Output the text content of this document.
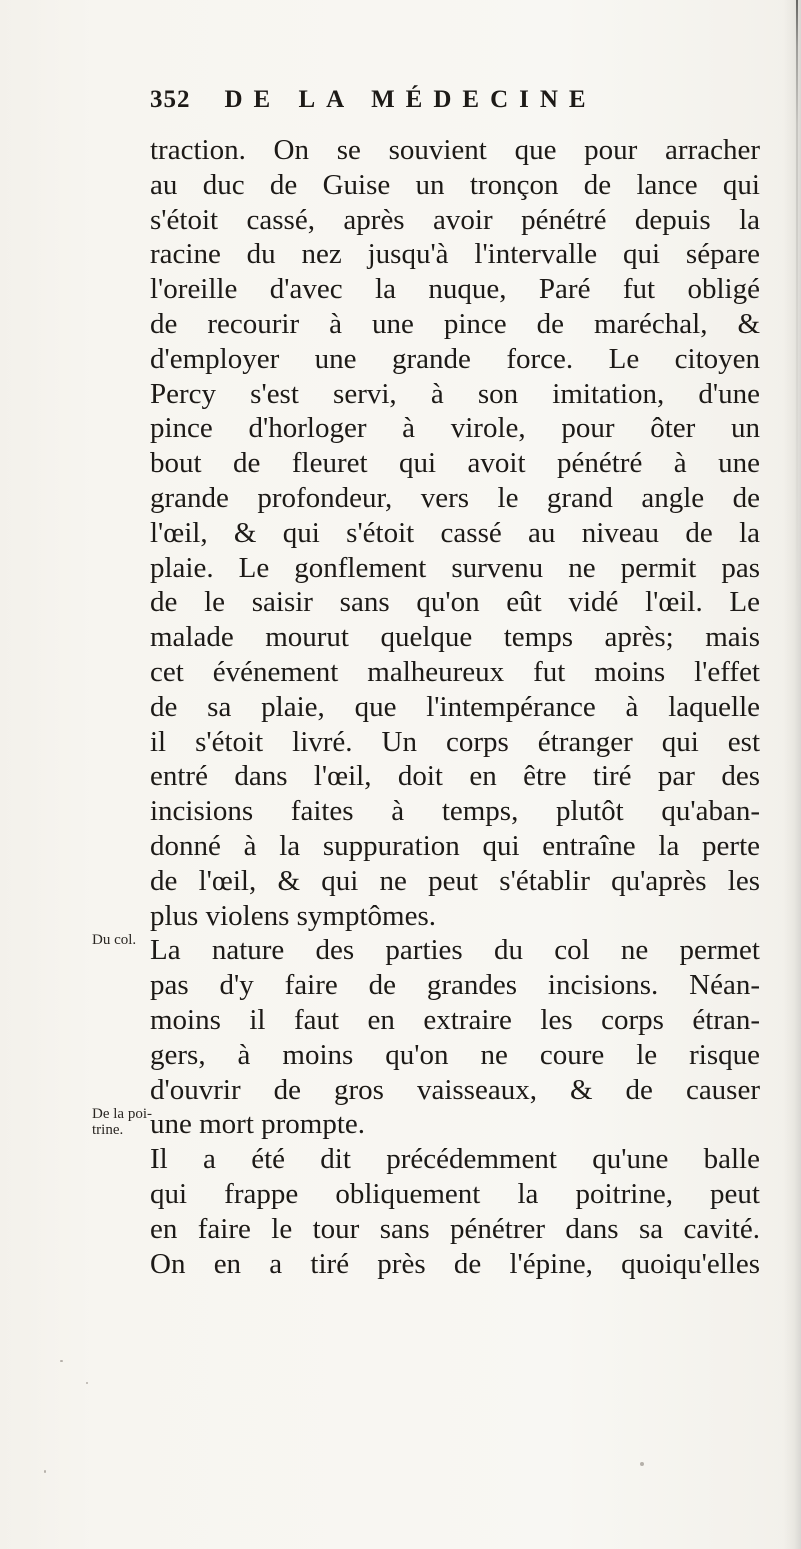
352 DE LA MÉDECINE
traction. On se souvient que pour arracher
au duc de Guise un tronçon de lance qui
s'étoit cassé, après avoir pénétré depuis la
racine du nez jusqu'à l'intervalle qui sépare
l'oreille d'avec la nuque, Paré fut obligé
de recourir à une pince de maréchal, &
d'employer une grande force. Le citoyen
Percy s'est servi, à son imitation, d'une
pince d'horloger à virole, pour ôter un
bout de fleuret qui avoit pénétré à une
grande profondeur, vers le grand angle de
l'œil, & qui s'étoit cassé au niveau de la
plaie. Le gonflement survenu ne permit pas
de le saisir sans qu'on eût vidé l'œil. Le
malade mourut quelque temps après; mais
cet événement malheureux fut moins l'effet
de sa plaie, que l'intempérance à laquelle
il s'étoit livré. Un corps étranger qui est
entré dans l'œil, doit en être tiré par des
incisions faites à temps, plutôt qu'aban-
donné à la suppuration qui entraîne la perte
de l'œil, & qui ne peut s'établir qu'après les
plus violens symptômes.
La nature des parties du col ne permet
pas d'y faire de grandes incisions. Néan-
moins il faut en extraire les corps étran-
gers, à moins qu'on ne coure le risque
d'ouvrir de gros vaisseaux, & de causer
une mort prompte.
Il a été dit précédemment qu'une balle
qui frappe obliquement la poitrine, peut
en faire le tour sans pénétrer dans sa cavité.
On en a tiré près de l'épine, quoiqu'elles
Du col.
De la poi-
trine.
